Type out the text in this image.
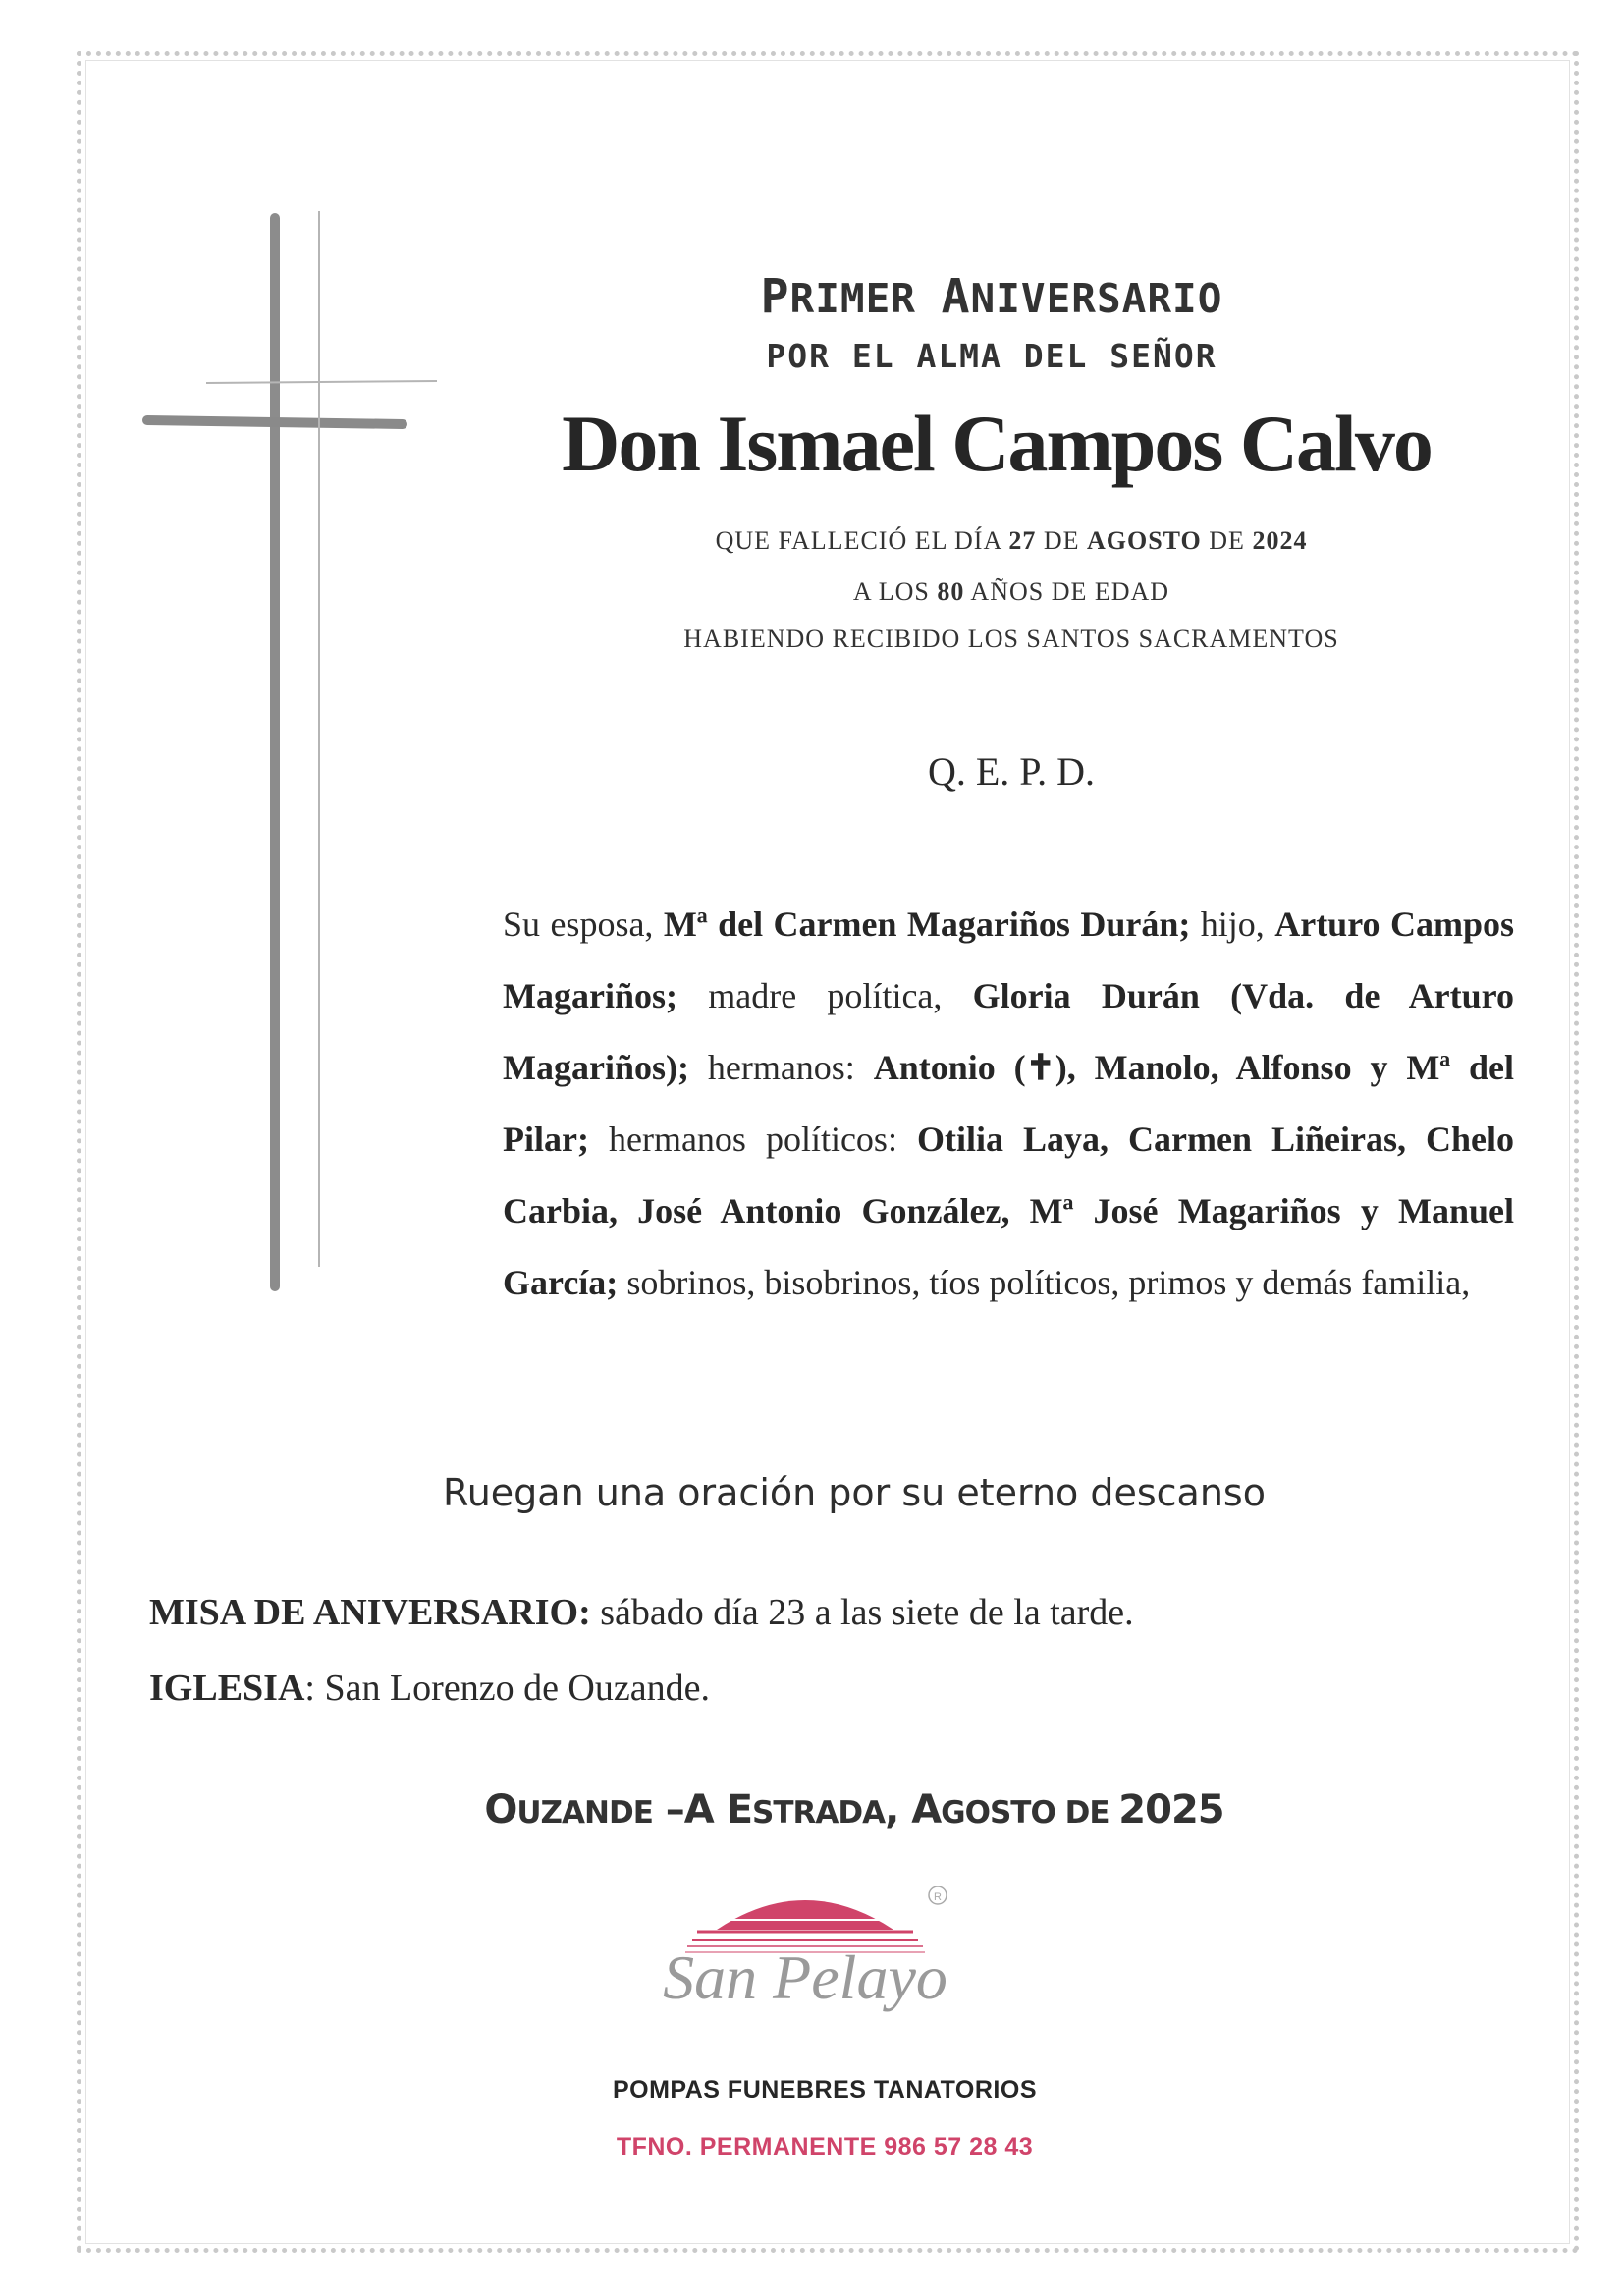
PRIMER ANIVERSARIO
POR EL ALMA DEL SEÑOR
Don Ismael Campos Calvo
QUE FALLECIÓ EL DÍA 27 DE AGOSTO DE 2024
A LOS 80 AÑOS DE EDAD
HABIENDO RECIBIDO LOS SANTOS SACRAMENTOS
Q. E. P. D.
Su esposa, Mª del Carmen Magariños Durán; hijo, Arturo Campos Magariños; madre política, Gloria Durán (Vda. de Arturo Magariños); hermanos: Antonio (✝), Manolo, Alfonso y Mª del Pilar; hermanos políticos: Otilia Laya, Carmen Liñeiras, Chelo Carbia, José Antonio González, Mª José Magariños y Manuel García; sobrinos, bisobrinos, tíos políticos, primos y demás familia,
Ruegan una oración por su eterno descanso
MISA DE ANIVERSARIO: sábado día 23 a las siete de la tarde.
IGLESIA: San Lorenzo de Ouzande.
OUZANDE –A ESTRADA, AGOSTO DE 2025
R
San Pelayo
POMPAS FUNEBRES TANATORIOS
TFNO. PERMANENTE 986 57 28 43
